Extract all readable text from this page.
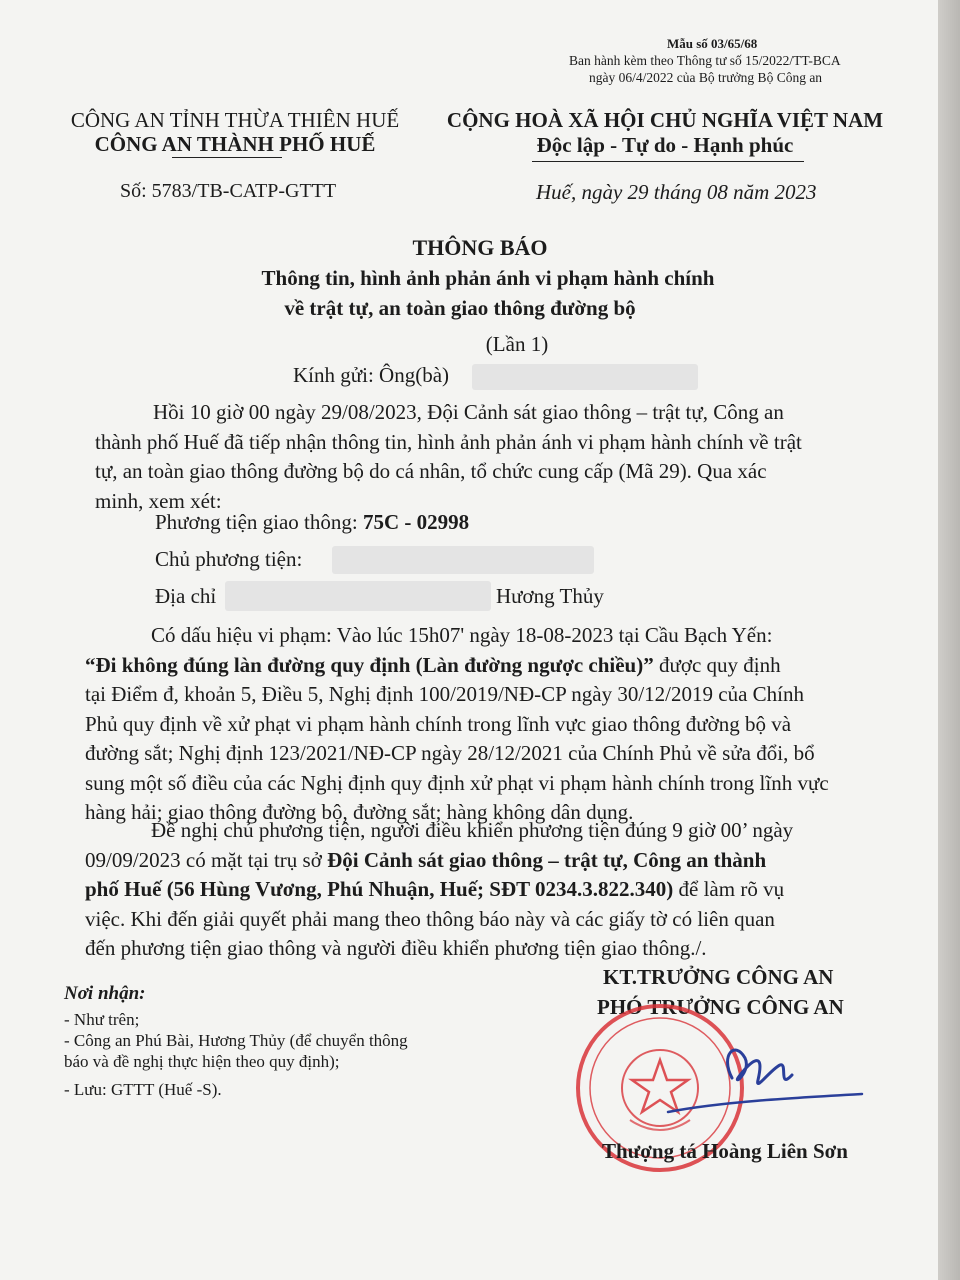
Mẫu số 03/65/68
Ban hành kèm theo Thông tư số 15/2022/TT-BCA
ngày 06/4/2022 của Bộ trưởng Bộ Công an
CÔNG AN TỈNH THỪA THIÊN HUẾ
CÔNG AN THÀNH PHỐ HUẾ
Số: 5783/TB-CATP-GTTT
CỘNG HOÀ XÃ HỘI CHỦ NGHĨA VIỆT NAM
Độc lập - Tự do - Hạnh phúc
Huế, ngày 29 tháng 08 năm 2023
THÔNG BÁO
Thông tin, hình ảnh phản ánh vi phạm hành chính
về trật tự, an toàn giao thông đường bộ
(Lần 1)
Kính gửi: Ông(bà)
Hồi 10 giờ 00 ngày 29/08/2023, Đội Cảnh sát giao thông – trật tự, Công an
thành phố Huế đã tiếp nhận thông tin, hình ảnh phản ánh vi phạm hành chính về trật
tự, an toàn giao thông đường bộ do cá nhân, tổ chức cung cấp (Mã 29). Qua xác
minh, xem xét:
Phương tiện giao thông: 75C - 02998
Chủ phương tiện:
Địa chỉ	Hương Thủy
Có dấu hiệu vi phạm: Vào lúc 15h07' ngày 18-08-2023 tại Cầu Bạch Yến:
“Đi không đúng làn đường quy định (Làn đường ngược chiều)” được quy định
tại Điểm đ, khoản 5, Điều 5, Nghị định 100/2019/NĐ-CP ngày 30/12/2019 của Chính
Phủ quy định về xử phạt vi phạm hành chính trong lĩnh vực giao thông đường bộ và
đường sắt; Nghị định 123/2021/NĐ-CP ngày 28/12/2021 của Chính Phủ về sửa đổi, bổ
sung một số điều của các Nghị định quy định xử phạt vi phạm hành chính trong lĩnh vực
hàng hải; giao thông đường bộ, đường sắt; hàng không dân dụng.
Đề nghị chủ phương tiện, người điều khiển phương tiện đúng 9 giờ 00’ ngày
09/09/2023 có mặt tại trụ sở Đội Cảnh sát giao thông – trật tự, Công an thành
phố Huế (56 Hùng Vương, Phú Nhuận, Huế; SĐT 0234.3.822.340) để làm rõ vụ
việc. Khi đến giải quyết phải mang theo thông báo này và các giấy tờ có liên quan
đến phương tiện giao thông và người điều khiển phương tiện giao thông./.
Nơi nhận:
- Như trên;
- Công an Phú Bài, Hương Thủy (để chuyển thông
báo và đề nghị thực hiện theo quy định);
- Lưu: GTTT (Huế -S).
KT.TRƯỞNG CÔNG AN
PHÓ TRƯỞNG CÔNG AN
Thượng tá Hoàng Liên Sơn
